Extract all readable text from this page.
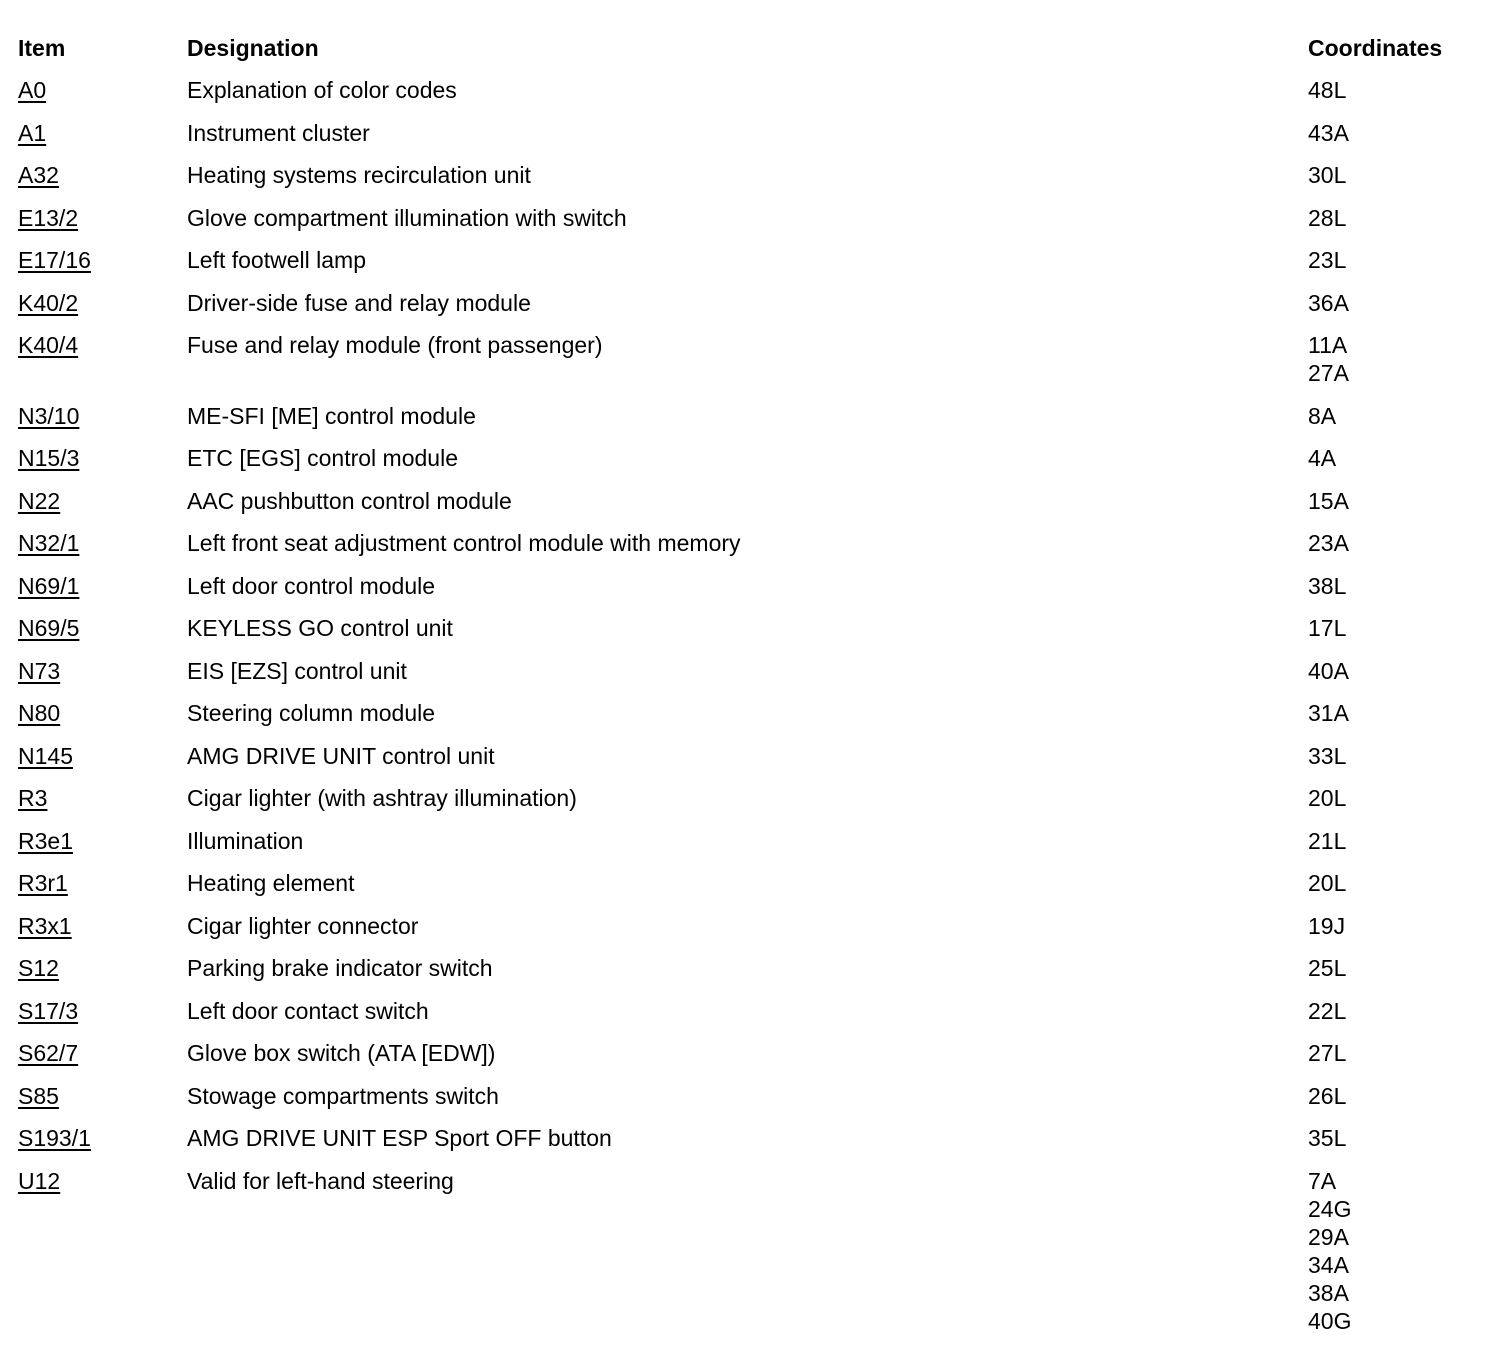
Item	Designation	Coordinates
A0	Explanation of color codes	48L
A1	Instrument cluster	43A
A32	Heating systems recirculation unit	30L
E13/2	Glove compartment illumination with switch	28L
E17/16	Left footwell lamp	23L
K40/2	Driver-side fuse and relay module	36A
K40/4	Fuse and relay module (front passenger)	11A
27A
N3/10	ME-SFI [ME] control module	8A
N15/3	ETC [EGS] control module	4A
N22	AAC pushbutton control module	15A
N32/1	Left front seat adjustment control module with memory	23A
N69/1	Left door control module	38L
N69/5	KEYLESS GO control unit	17L
N73	EIS [EZS] control unit	40A
N80	Steering column module	31A
N145	AMG DRIVE UNIT control unit	33L
R3	Cigar lighter (with ashtray illumination)	20L
R3e1	Illumination	21L
R3r1	Heating element	20L
R3x1	Cigar lighter connector	19J
S12	Parking brake indicator switch	25L
S17/3	Left door contact switch	22L
S62/7	Glove box switch (ATA [EDW])	27L
S85	Stowage compartments switch	26L
S193/1	AMG DRIVE UNIT ESP Sport OFF button	35L
U12	Valid for left-hand steering	7A
24G
29A
34A
38A
40G
